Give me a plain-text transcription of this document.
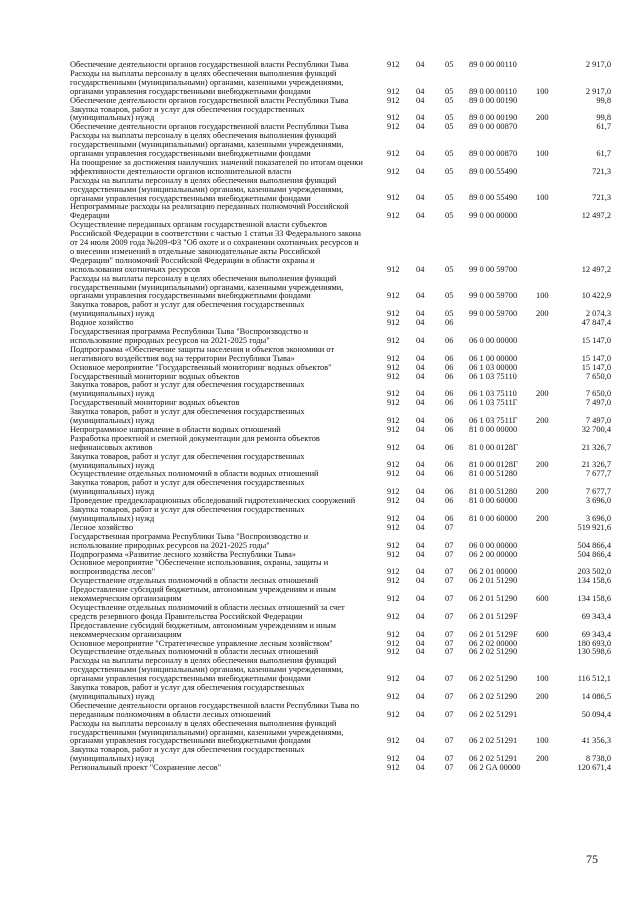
Обеспечение деятельности органов государственной власти Республики Тыва	912 04 05 89 0 00 00110	2 917,0
Расходы на выплаты персоналу в целях обеспечения выполнения функций
государственными (муниципальными) органами, казенными учреждениями,
органами управления государственными внебюджетными фондами	912 04 05 89 0 00 00110 100	2 917,0
Обеспечение деятельности органов государственной власти Республики Тыва	912 04 05 89 0 00 00190	99,8
Закупка товаров, работ и услуг для обеспечения государственных
(муниципальных) нужд	912 04 05 89 0 00 00190 200	99,8
Обеспечение деятельности органов государственной власти Республики Тыва	912 04 05 89 0 00 00870	61,7
Расходы на выплаты персоналу в целях обеспечения выполнения функций
государственными (муниципальными) органами, казенными учреждениями,
органами управления государственными внебюджетными фондами	912 04 05 89 0 00 00870 100	61,7
На поощрение за достижения наилучших значений показателей по итогам оценки
эффективности деятельности органов исполнительной власти	912 04 05 89 0 00 55490	721,3
Расходы на выплаты персоналу в целях обеспечения выполнения функций
государственными (муниципальными) органами, казенными учреждениями,
органами управления государственными внебюджетными фондами	912 04 05 89 0 00 55490 100	721,3
Непрограммные расходы на реализацию переданных полномочий Российской
Федерации	912 04 05 99 0 00 00000	12 497,2
Осуществление переданных органам государственной власти субъектов
Российской Федерации в соответствии с частью 1 статьи 33 Федерального закона
от 24 июля 2009 года №209-ФЗ "Об охоте и о сохранении охотничьих ресурсов и
о внесении изменений в отдельные законодательные акты Российской
Федерации" полномочий Российской Федерации в области охраны и
использования охотничьих ресурсов	912 04 05 99 0 00 59700	12 497,2
Расходы на выплаты персоналу в целях обеспечения выполнения функций
государственными (муниципальными) органами, казенными учреждениями,
органами управления государственными внебюджетными фондами	912 04 05 99 0 00 59700 100	10 422,9
Закупка товаров, работ и услуг для обеспечения государственных
(муниципальных) нужд	912 04 05 99 0 00 59700 200	2 074,3
Водное хозяйство	912 04 06	47 847,4
Государственная программа Республики Тыва "Воспроизводство и
использование природных ресурсов на 2021-2025 годы"	912 04 06 06 0 00 00000	15 147,0
Подпрограмма «Обеспечение защиты населения и объектов экономики от
негативного воздействия вод на территории Республики Тыва»	912 04 06 06 1 00 00000	15 147,0
Основное мероприятие "Государственный мониторинг водных объектов"	912 04 06 06 1 03 00000	15 147,0
Государственный мониторинг водных объектов	912 04 06 06 1 03 75110	7 650,0
Закупка товаров, работ и услуг для обеспечения государственных
(муниципальных) нужд	912 04 06 06 1 03 75110 200	7 650,0
Государственный мониторинг водных объектов	912 04 06 06 1 03 7511Г	7 497,0
Закупка товаров, работ и услуг для обеспечения государственных
(муниципальных) нужд	912 04 06 06 1 03 7511Г 200	7 497,0
Непрограммное направление в области водных отношений	912 04 06 81 0 00 00000	32 700,4
Разработка проектной и сметной документации для ремонта объектов
нефинансовых активов	912 04 06 81 0 00 0128Г	21 326,7
Закупка товаров, работ и услуг для обеспечения государственных
(муниципальных) нужд	912 04 06 81 0 00 0128Г 200	21 326,7
Осуществление отдельных полномочий в области водных отношений	912 04 06 81 0 00 51280	7 677,7
Закупка товаров, работ и услуг для обеспечения государственных
(муниципальных) нужд	912 04 06 81 0 00 51280 200	7 677,7
Проведение преддекларационных обследований гидротехнических сооружений	912 04 06 81 0 00 60000	3 696,0
Закупка товаров, работ и услуг для обеспечения государственных
(муниципальных) нужд	912 04 06 81 0 00 60000 200	3 696,0
Лесное хозяйство	912 04 07	519 921,6
Государственная программа Республики Тыва "Воспроизводство и
использование природных ресурсов на 2021-2025 годы"	912 04 07 06 0 00 00000	504 866,4
Подпрограмма «Развитие лесного хозяйства Республики Тыва»	912 04 07 06 2 00 00000	504 866,4
Основное мероприятие "Обеспечение использования, охраны, защиты и
воспроизводства лесов"	912 04 07 06 2 01 00000	203 502,0
Осуществление отдельных полномочий в области лесных отношений	912 04 07 06 2 01 51290	134 158,6
Предоставление субсидий бюджетным, автономным учреждениям и иным
некоммерческим организациям	912 04 07 06 2 01 51290 600	134 158,6
Осуществление отдельных полномочий в области лесных отношений за счет
средств резервного фонда Правительства Российской Федерации	912 04 07 06 2 01 5129F	69 343,4
Предоставление субсидий бюджетным, автономным учреждениям и иным
некоммерческим организациям	912 04 07 06 2 01 5129F 600	69 343,4
Основное мероприятие "Стратегическое управление лесным хозяйством"	912 04 07 06 2 02 00000	180 693,0
Осуществление отдельных полномочий в области лесных отношений	912 04 07 06 2 02 51290	130 598,6
Расходы на выплаты персоналу в целях обеспечения выполнения функций
государственными (муниципальными) органами, казенными учреждениями,
органами управления государственными внебюджетными фондами	912 04 07 06 2 02 51290 100	116 512,1
Закупка товаров, работ и услуг для обеспечения государственных
(муниципальных) нужд	912 04 07 06 2 02 51290 200	14 086,5
Обеспечение деятельности органов государственной власти Республики Тыва по
переданным полномочиям в области лесных отношений	912 04 07 06 2 02 51291	50 094,4
Расходы на выплаты персоналу в целях обеспечения выполнения функций
государственными (муниципальными) органами, казенными учреждениями,
органами управления государственными внебюджетными фондами	912 04 07 06 2 02 51291 100	41 356,3
Закупка товаров, работ и услуг для обеспечения государственных
(муниципальных) нужд	912 04 07 06 2 02 51291 200	8 738,0
Региональный проект "Сохранение лесов"	912 04 07 06 2 GA 00000	120 671,4
75
